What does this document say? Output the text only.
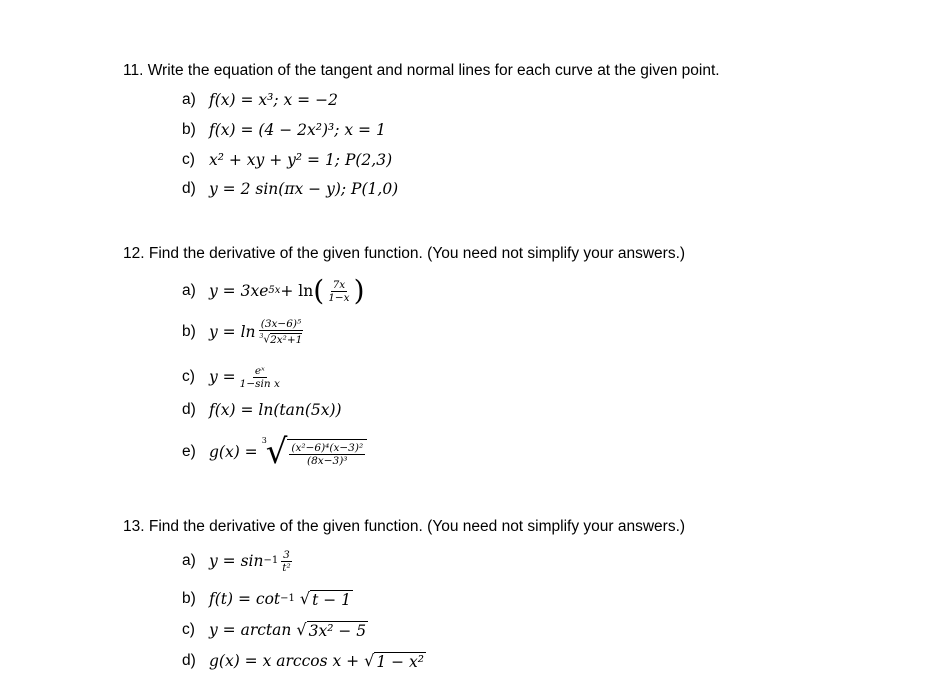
11. Write the equation of the tangent and normal lines for each curve at the given point.
a) f(x) = x³; x = −2
b) f(x) = (4 − 2x²)³; x = 1
c) x² + xy + y² = 1; P(2,3)
d) y = 2 sin(πx − y); P(1,0)
12. Find the derivative of the given function. (You need not simplify your answers.)
a) y = 3xe 5x + ln ( $\frac{7x}{1-x}$ )
b) $y = \ln \frac{\text{(3x−6)⁵}}{^3√2x^2+1}$
c) $y = \frac{\text{eˣ}}{\text{1−sin x}}$
d) f(x) = ln(tan(5x))
e) g(x) =
3
√ $\frac{\text{(x²−6)⁴(x−3)²}}{\text{(8x−3)³}}$
13. Find the derivative of the given function. (You need not simplify your answers.)
a) $y = \sin -1 \frac{3}{\text{t²}}$
b) f(t) = cot −1 √ t − 1
c) y = arctan √ 3x² − 5
d) g(x) = x arccos x + √ 1 − x²
